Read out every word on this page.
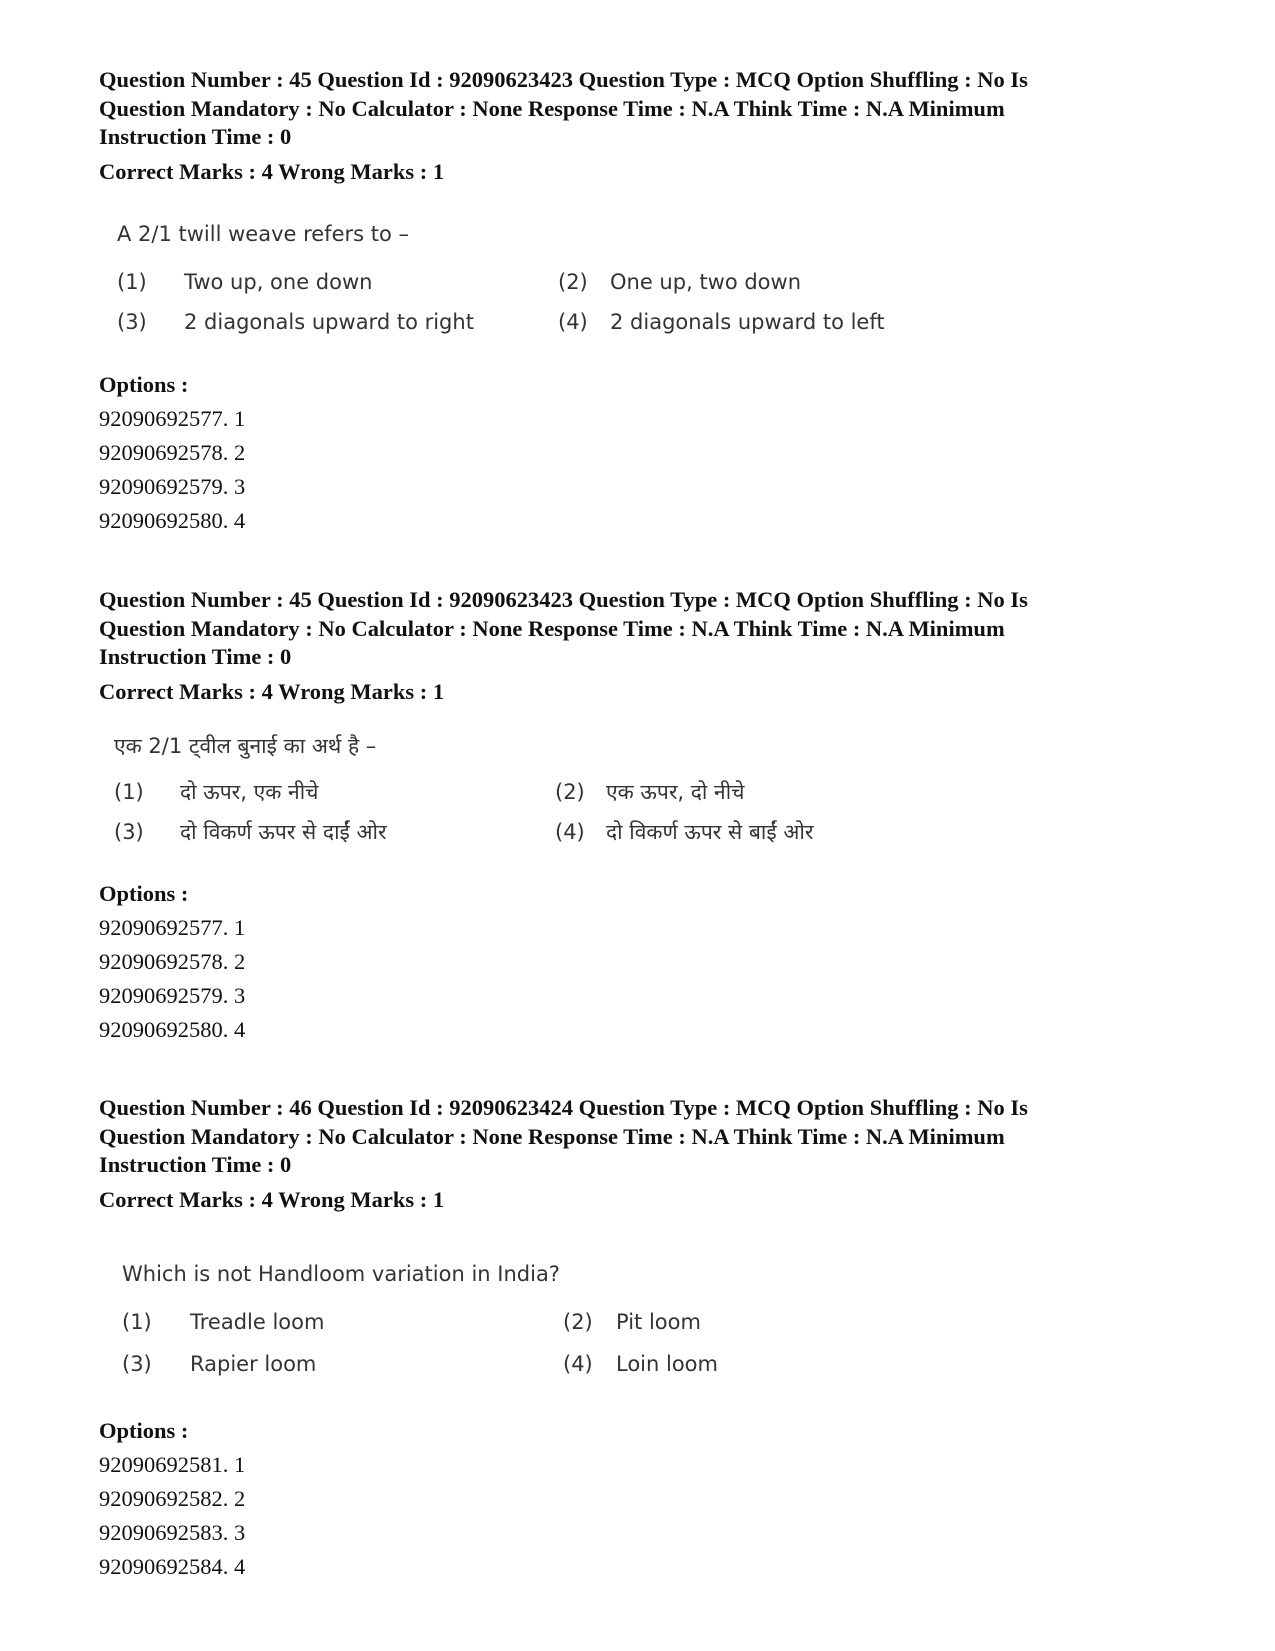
Question Number : 45 Question Id : 92090623423 Question Type : MCQ Option Shuffling : No Is
Question Mandatory : No Calculator : None Response Time : N.A Think Time : N.A Minimum
Instruction Time : 0
Correct Marks : 4 Wrong Marks : 1
A 2/1 twill weave refers to –
(1) Two up, one down	(2) One up, two down
(3) 2 diagonals upward to right	(4) 2 diagonals upward to left
Options :
92090692577. 1
92090692578. 2
92090692579. 3
92090692580. 4
Question Number : 45 Question Id : 92090623423 Question Type : MCQ Option Shuffling : No Is
Question Mandatory : No Calculator : None Response Time : N.A Think Time : N.A Minimum
Instruction Time : 0
Correct Marks : 4 Wrong Marks : 1
एक 2/1 ट्वील बुनाई का अर्थ है –
(1) दो ऊपर, एक नीचे	(2) एक ऊपर, दो नीचे
(3) दो विकर्ण ऊपर से दाईं ओर	(4) दो विकर्ण ऊपर से बाईं ओर
Options :
92090692577. 1
92090692578. 2
92090692579. 3
92090692580. 4
Question Number : 46 Question Id : 92090623424 Question Type : MCQ Option Shuffling : No Is
Question Mandatory : No Calculator : None Response Time : N.A Think Time : N.A Minimum
Instruction Time : 0
Correct Marks : 4 Wrong Marks : 1
Which is not Handloom variation in India?
(1) Treadle loom	(2) Pit loom
(3) Rapier loom	(4) Loin loom
Options :
92090692581. 1
92090692582. 2
92090692583. 3
92090692584. 4
